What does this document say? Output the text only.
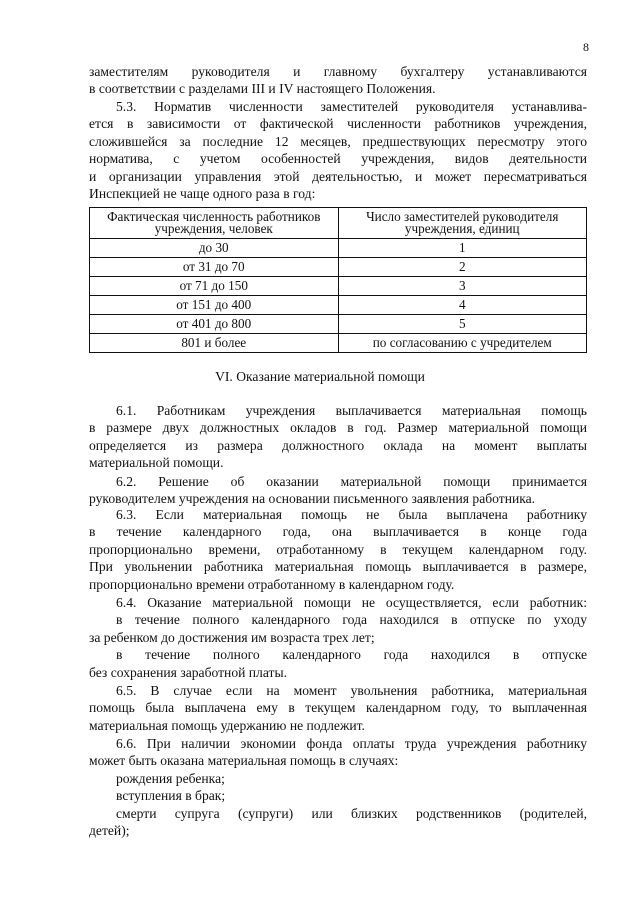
8
заместителям руководителя и главному бухгалтеру устанавливаются
в соответствии с разделами III и IV настоящего Положения.
5.3. Норматив численности заместителей руководителя устанавлива-
ется в зависимости от фактической численности работников учреждения,
сложившейся за последние 12 месяцев, предшествующих пересмотру этого
норматива, с учетом особенностей учреждения, видов деятельности
и организации управления этой деятельностью, и может пересматриваться
Инспекцией не чаще одного раза в год:
Фактическая численность работников учреждения, человек	Число заместителей руководителя учреждения, единиц
до 30	1
от 31 до 70	2
от 71 до 150	3
от 151 до 400	4
от 401 до 800	5
801 и более	по согласованию с учредителем
VI. Оказание материальной помощи
6.1. Работникам учреждения выплачивается материальная помощь
в размере двух должностных окладов в год. Размер материальной помощи
определяется из размера должностного оклада на момент выплаты
материальной помощи.
6.2. Решение об оказании материальной помощи принимается
руководителем учреждения на основании письменного заявления работника.
6.3. Если материальная помощь не была выплачена работнику
в течение календарного года, она выплачивается в конце года
пропорционально времени, отработанному в текущем календарном году.
При увольнении работника материальная помощь выплачивается в размере,
пропорционально времени отработанному в календарном году.
6.4. Оказание материальной помощи не осуществляется, если работник:
в течение полного календарного года находился в отпуске по уходу
за ребенком до достижения им возраста трех лет;
в течение полного календарного года находился в отпуске
без сохранения заработной платы.
6.5. В случае если на момент увольнения работника, материальная
помощь была выплачена ему в текущем календарном году, то выплаченная
материальная помощь удержанию не подлежит.
6.6. При наличии экономии фонда оплаты труда учреждения работнику
может быть оказана материальная помощь в случаях:
рождения ребенка;
вступления в брак;
смерти супруга (супруги) или близких родственников (родителей,
детей);
